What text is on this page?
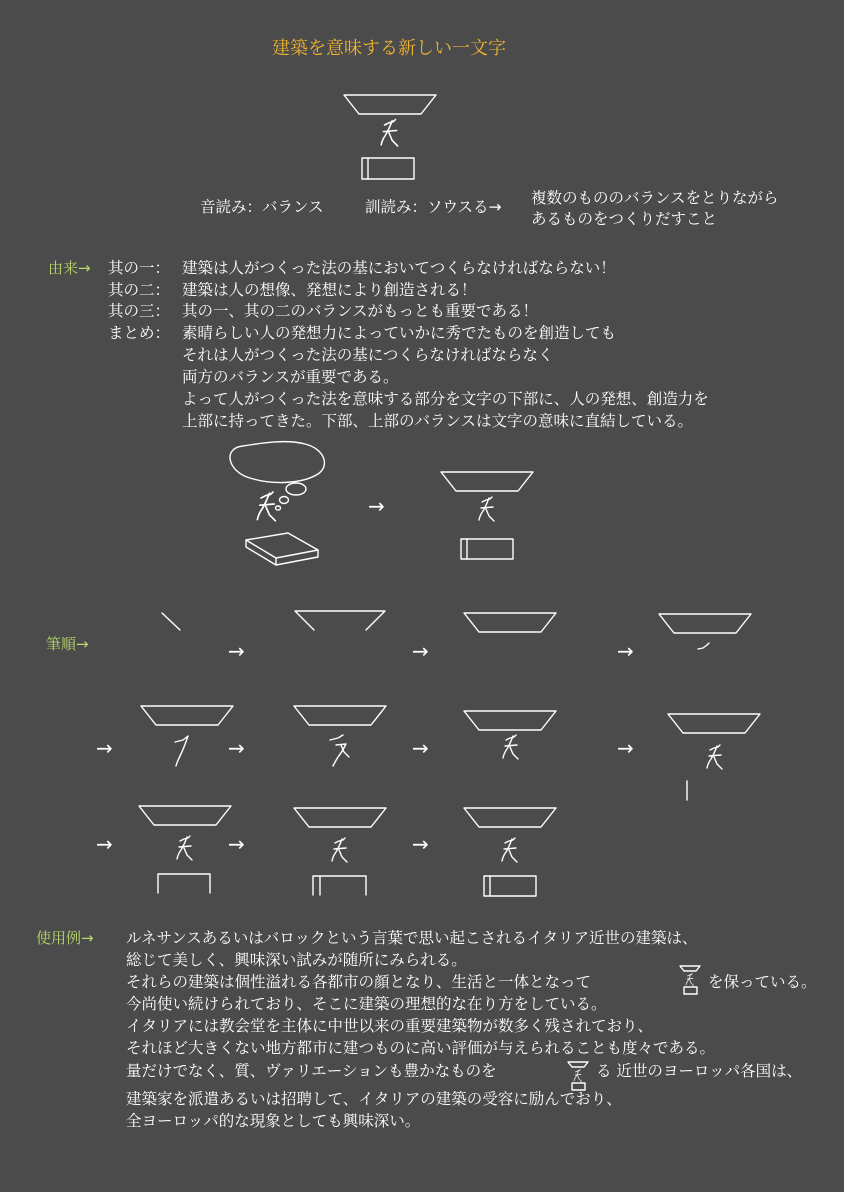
建築を意味する新しい一文字
音読み：バランス	訓読み：ソウスる→ 複数のもののバランスをとりながら
あるものをつくりだすこと
由来→ 其の一： 建築は人がつくった法の基においてつくらなければならない！
其の二： 建築は人の想像、発想により創造される！
其の三： 其の一、其の二のバランスがもっとも重要である！
まとめ： 素晴らしい人の発想力によっていかに秀でたものを創造しても
それは人がつくった法の基につくらなければならなく
両方のバランスが重要である。
よって人がつくった法を意味する部分を文字の下部に、人の発想、創造力を
上部に持ってきた。下部、上部のバランスは文字の意味に直結している。
筆順→
使用例→ ルネサンスあるいはバロックという言葉で思い起こされるイタリア近世の建築は、
総じて美しく、興味深い試みが随所にみられる。
それらの建築は個性溢れる各都市の顔となり、生活と一体となって	を保っている。
今尚使い続けられており、そこに建築の理想的な在り方をしている。
イタリアには教会堂を主体に中世以来の重要建築物が数多く残されており、
それほど大きくない地方都市に建つものに高い評価が与えられることも度々である。
量だけでなく、質、ヴァリエーションも豊かなものを	る 近世のヨーロッパ各国は、
建築家を派遣あるいは招聘して、イタリアの建築の受容に励んでおり、
全ヨーロッパ的な現象としても興味深い。
→
→	→	→
→	→	→	→
→	→	→
